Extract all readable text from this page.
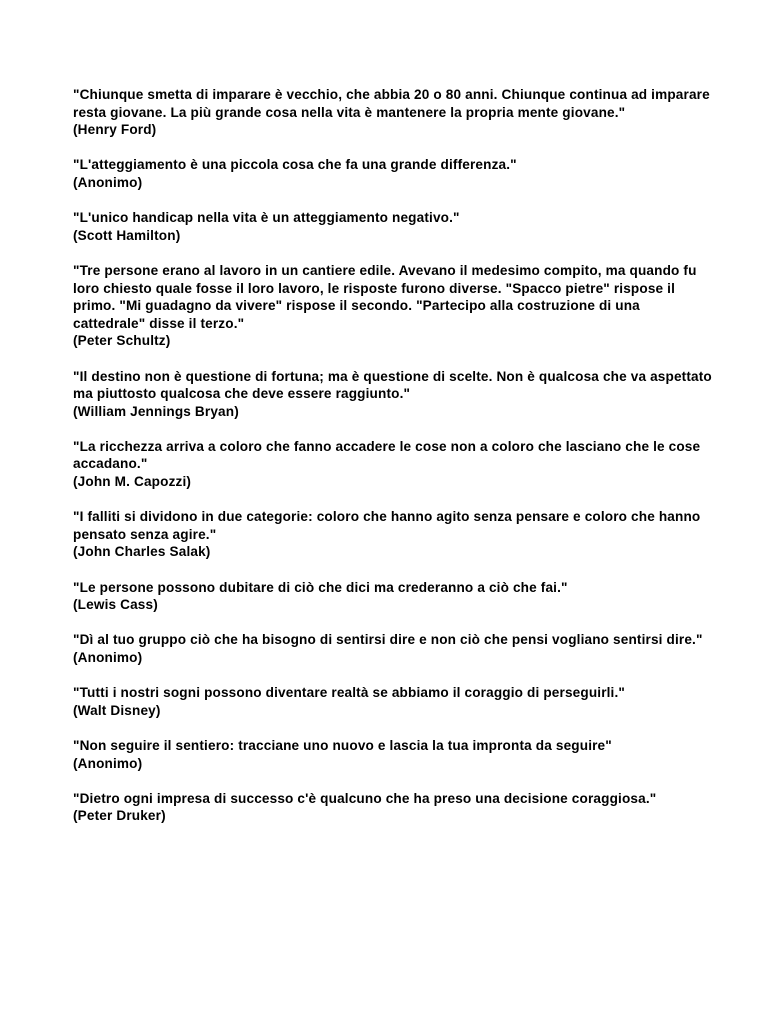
"Chiunque smetta di imparare è vecchio, che abbia 20 o 80 anni. Chiunque continua ad imparare resta giovane. La più grande cosa nella vita è mantenere la propria mente giovane."
(Henry Ford)
"L'atteggiamento è una piccola cosa che fa una grande differenza."
(Anonimo)
"L'unico handicap nella vita è un atteggiamento negativo."
(Scott Hamilton)
"Tre persone erano al lavoro in un cantiere edile. Avevano il medesimo compito, ma quando fu loro chiesto quale fosse il loro lavoro, le risposte furono diverse. "Spacco pietre" rispose il primo. "Mi guadagno da vivere" rispose il secondo. "Partecipo alla costruzione di una cattedrale" disse il terzo."
(Peter Schultz)
"Il destino non è questione di fortuna; ma è questione di scelte. Non è qualcosa che va aspettato ma piuttosto qualcosa che deve essere raggiunto."
(William Jennings Bryan)
"La ricchezza arriva a coloro che fanno accadere le cose non a coloro che lasciano che le cose accadano."
(John M. Capozzi)
"I falliti si dividono in due categorie: coloro che hanno agito senza pensare e coloro che hanno pensato senza agire."
(John Charles Salak)
"Le persone possono dubitare di ciò che dici ma crederanno a ciò che fai."
(Lewis Cass)
"Dì al tuo gruppo ciò che ha bisogno di sentirsi dire e non ciò che pensi vogliano sentirsi dire."
(Anonimo)
"Tutti i nostri sogni possono diventare realtà se abbiamo il coraggio di perseguirli."
(Walt Disney)
"Non seguire il sentiero: tracciane uno nuovo e lascia la tua impronta da seguire"
(Anonimo)
"Dietro ogni impresa di successo c'è qualcuno che ha preso una decisione coraggiosa."
(Peter Druker)
